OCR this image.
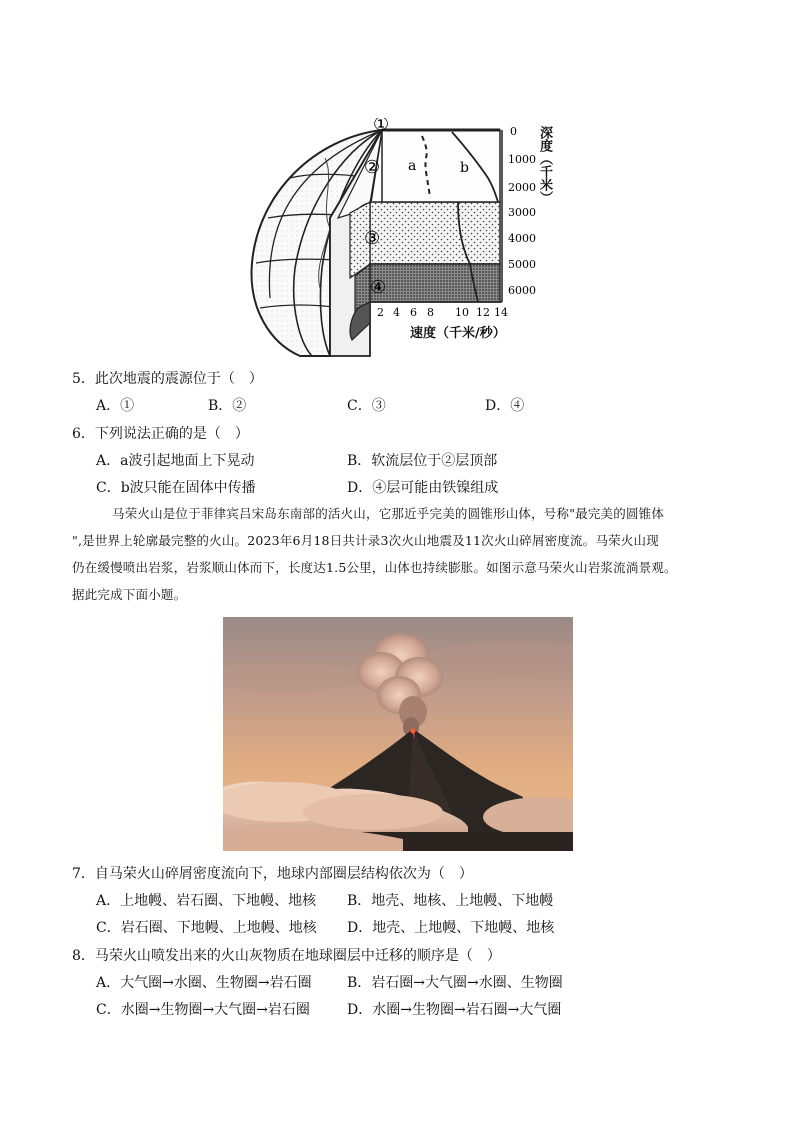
a	b
①
②
③
④
0
1000
2000
3000
4000
5000
6000
2 4 6 8 10 12 14
深度（千米）
速度（千米/秒）
5．此次地震的震源位于（　）
A．①	B．②	C．③	D．④
6．下列说法正确的是（　）
A．a波引起地面上下晃动	B．软流层位于②层顶部
C．b波只能在固体中传播	D．④层可能由铁镍组成
马荣火山是位于菲律宾吕宋岛东南部的活火山，它那近乎完美的圆锥形山体，号称"最完美的圆锥体
",是世界上轮廓最完整的火山。2023年6月18日共计录3次火山地震及11次火山碎屑密度流。马荣火山现
仍在缓慢喷出岩浆，岩浆顺山体而下，长度达1.5公里，山体也持续膨胀。如图示意马荣火山岩浆流淌景观。
据此完成下面小题。
7．自马荣火山碎屑密度流向下，地球内部圈层结构依次为（　）
A．上地幔、岩石圈、下地幔、地核 B．地壳、地核、上地幔、下地幔
C．岩石圈、下地幔、上地幔、地核 D．地壳、上地幔、下地幔、地核
8．马荣火山喷发出来的火山灰物质在地球圈层中迁移的顺序是（　）
A．大气圈→水圈、生物圈→岩石圈	B．岩石圈→大气圈→水圈、生物圈
C．水圈→生物圈→大气圈→岩石圈	D．水圈→生物圈→岩石圈→大气圈
